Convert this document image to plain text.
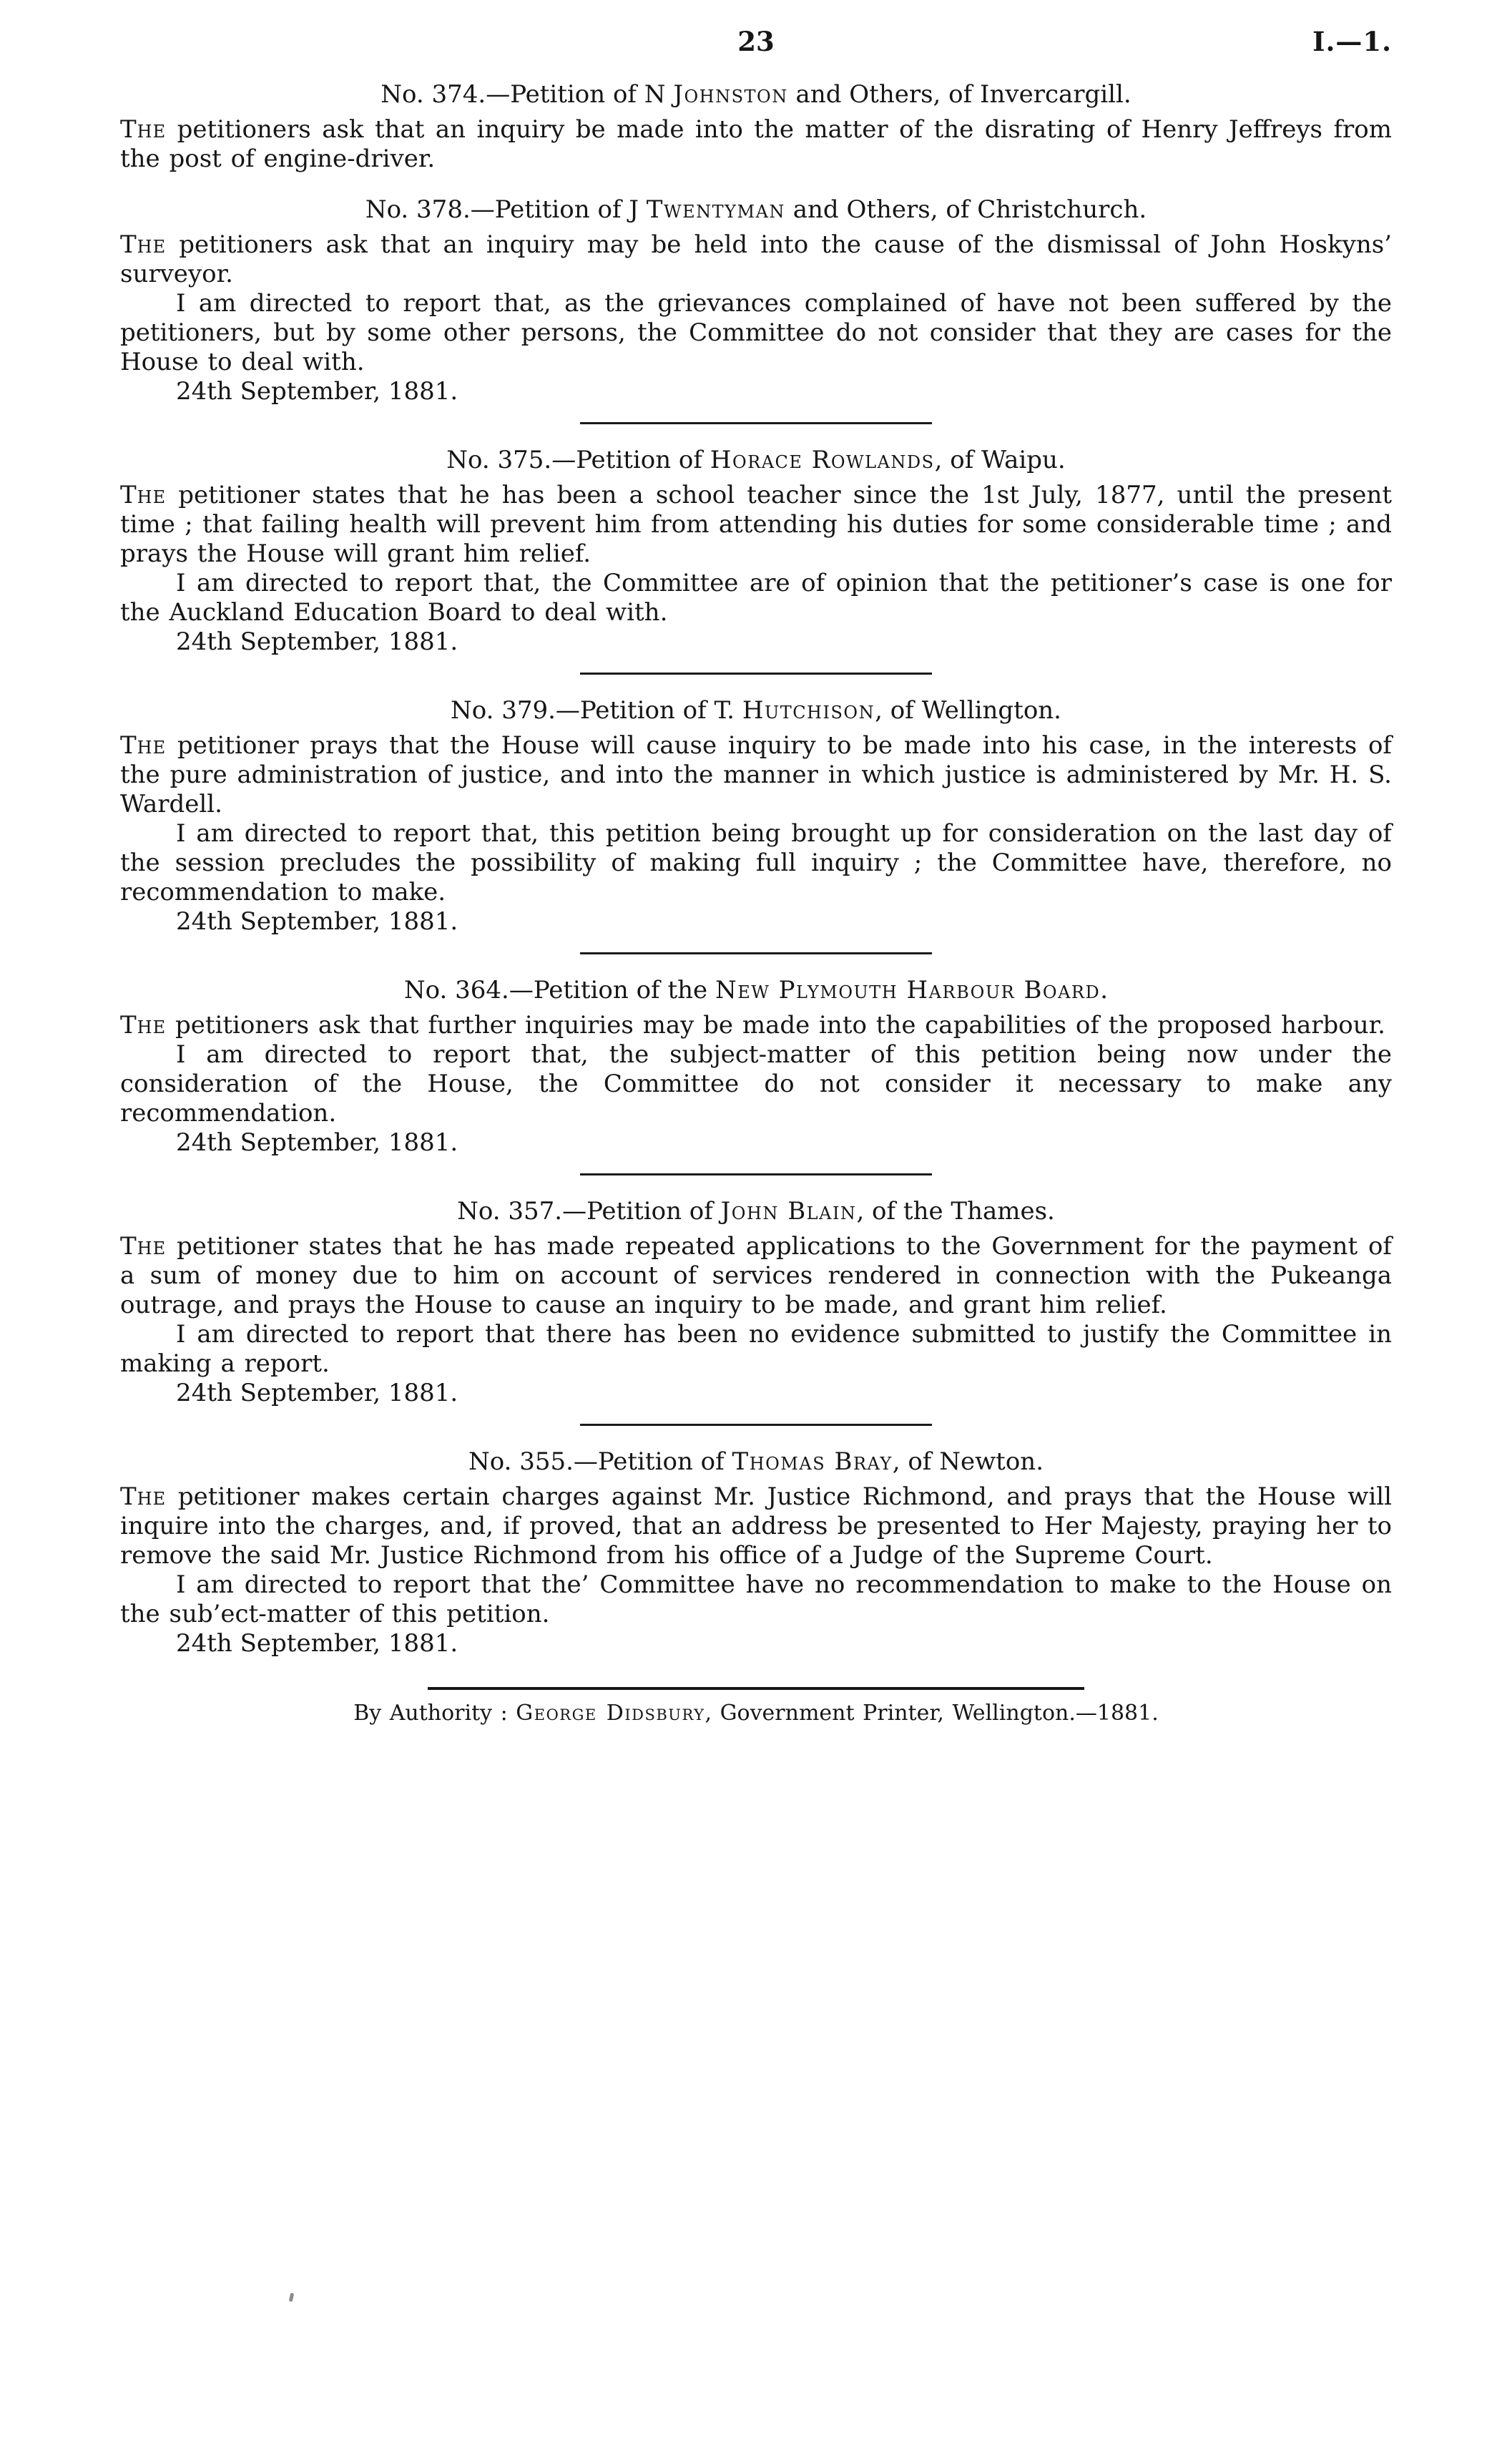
23	I.—1.
No. 374.—Petition of N Johnston and Others, of Invercargill.

The petitioners ask that an inquiry be made into the matter of the disrating of Henry Jeffreys from the post of engine-driver.

No. 378.—Petition of J Twentyman and Others, of Christchurch.

The petitioners ask that an inquiry may be held into the cause of the dismissal of John Hoskyns’ surveyor.

I am directed to report that, as the grievances complained of have not been suffered by the petitioners, but by some other persons, the Committee do not consider that they are cases for the House to deal with.

24th September, 1881.

No. 375.—Petition of Horace Rowlands, of Waipu.

The petitioner states that he has been a school teacher since the 1st July, 1877, until the present time ; that failing health will prevent him from attending his duties for some considerable time ; and prays the House will grant him relief.

I am directed to report that, the Committee are of opinion that the petitioner’s case is one for the Auckland Education Board to deal with.

24th September, 1881.

No. 379.—Petition of T. Hutchison, of Wellington.

The petitioner prays that the House will cause inquiry to be made into his case, in the interests of the pure administration of justice, and into the manner in which justice is administered by Mr. H. S. Wardell.

I am directed to report that, this petition being brought up for consideration on the last day of the session precludes the possibility of making full inquiry ; the Committee have, therefore, no recommendation to make.

24th September, 1881.

No. 364.—Petition of the New Plymouth Harbour Board.

The petitioners ask that further inquiries may be made into the capabilities of the proposed harbour.

I am directed to report that, the subject-matter of this petition being now under the consideration of the House, the Committee do not consider it necessary to make any recommendation.

24th September, 1881.

No. 357.—Petition of John Blain, of the Thames.

The petitioner states that he has made repeated applications to the Government for the payment of a sum of money due to him on account of services rendered in connection with the Pukeanga outrage, and prays the House to cause an inquiry to be made, and grant him relief.

I am directed to report that there has been no evidence submitted to justify the Committee in making a report.

24th September, 1881.

No. 355.—Petition of Thomas Bray, of Newton.

The petitioner makes certain charges against Mr. Justice Richmond, and prays that the House will inquire into the charges, and, if proved, that an address be presented to Her Majesty, praying her to remove the said Mr. Justice Richmond from his office of a Judge of the Supreme Court.

I am directed to report that the’ Committee have no recommendation to make to the House on the sub’ect-matter of this petition.

24th September, 1881.

By Authority : George Didsbury, Government Printer, Wellington.—1881.
